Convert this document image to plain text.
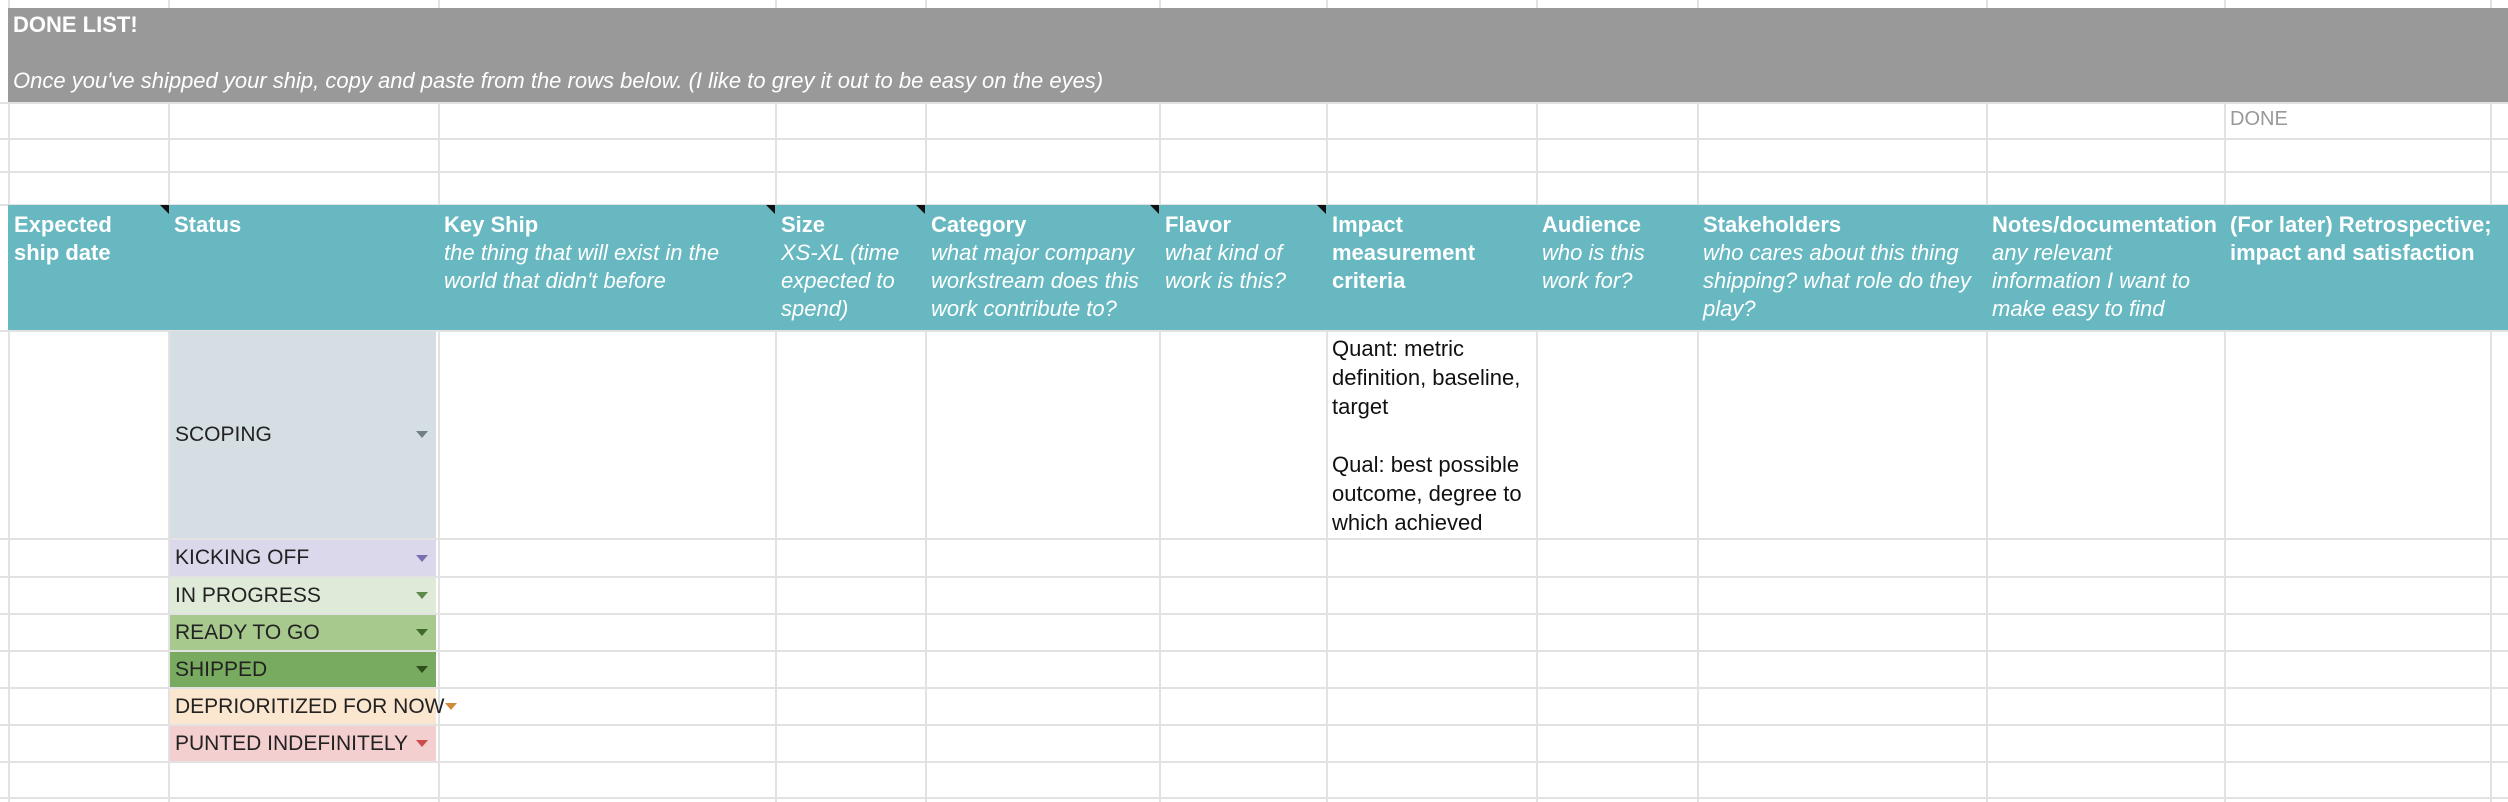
DONE LIST!
Once you've shipped your ship, copy and paste from the rows below. (I like to grey it out to be easy on the eyes)
DONE
Expected ship date
Status	Key Ship
the thing that will exist in the world that didn't before
Size
XS-XL (time expected to spend)
Category
what major company workstream does this work contribute to?
Flavor
what kind of work is this?
Impact measurement criteria
Audience
who is this work for?
Stakeholders
who cares about this thing shipping? what role do they play?
Notes/documentation
any relevant information I want to make easy to find
(For later) Retrospective; impact and satisfaction
SCOPING
KICKING OFF
IN PROGRESS
READY TO GO
SHIPPED
DEPRIORITIZED FOR NOW
PUNTED INDEFINITELY

Quant: metric definition, baseline, target

Qual: best possible outcome, degree to which achieved
